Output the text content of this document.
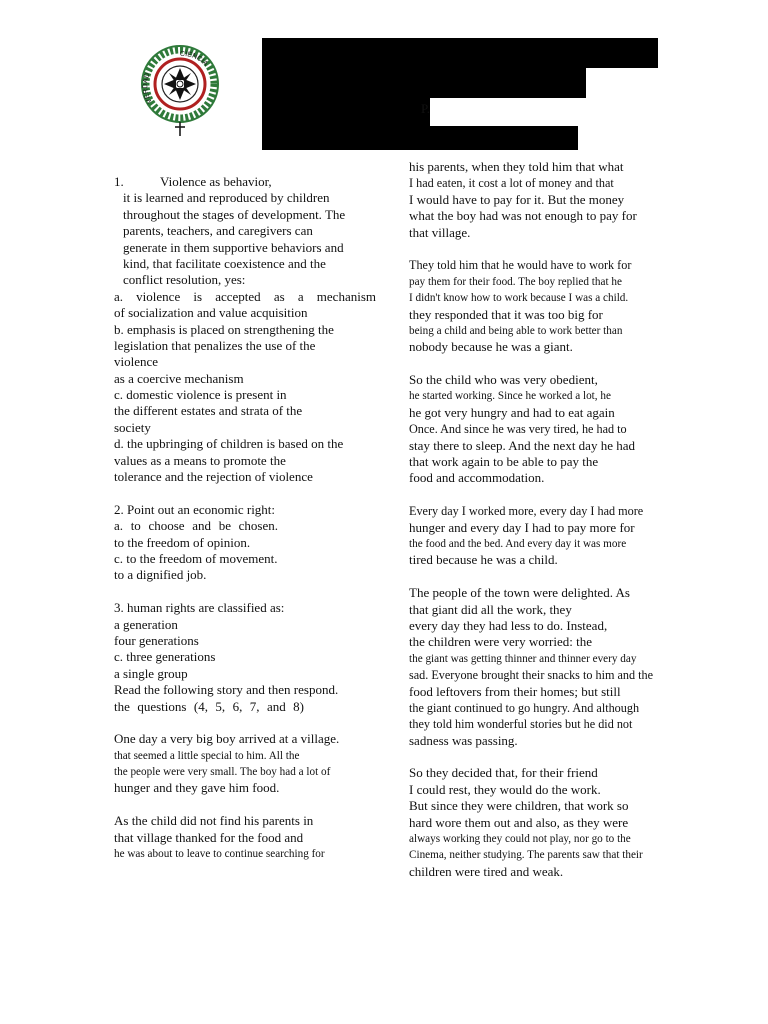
VERDAD
CIENCIA
P.
1.	Violence as behavior,
it is learned and reproduced by children
throughout the stages of development. The
parents, teachers, and caregivers can
generate in them supportive behaviors and
kind, that facilitate coexistence and the
conflict resolution, yes:
a. violence is accepted as a mechanism
of socialization and value acquisition
b. emphasis is placed on strengthening the
legislation that penalizes the use of the
violence
as a coercive mechanism
c. domestic violence is present in
the different estates and strata of the
society
d. the upbringing of children is based on the
values as a means to promote the
tolerance and the rejection of violence
2. Point out an economic right:
a. to choose and be chosen.
to the freedom of opinion.
c. to the freedom of movement.
to a dignified job.
3. human rights are classified as:
a generation
four generations
c. three generations
a single group
Read the following story and then respond.
the questions (4, 5, 6, 7, and 8)
One day a very big boy arrived at a village.
that seemed a little special to him. All the
the people were very small. The boy had a lot of
hunger and they gave him food.
As the child did not find his parents in
that village thanked for the food and
he was about to leave to continue searching for
his parents, when they told him that what
I had eaten, it cost a lot of money and that
I would have to pay for it. But the money
what the boy had was not enough to pay for
that village.
They told him that he would have to work for
pay them for their food. The boy replied that he
I didn't know how to work because I was a child.
they responded that it was too big for
being a child and being able to work better than
nobody because he was a giant.
So the child who was very obedient,
he started working. Since he worked a lot, he
he got very hungry and had to eat again
Once. And since he was very tired, he had to
stay there to sleep. And the next day he had
that work again to be able to pay the
food and accommodation.
Every day I worked more, every day I had more
hunger and every day I had to pay more for
the food and the bed. And every day it was more
tired because he was a child.
The people of the town were delighted. As
that giant did all the work, they
every day they had less to do. Instead,
the children were very worried: the
the giant was getting thinner and thinner every day
sad. Everyone brought their snacks to him and the
food leftovers from their homes; but still
the giant continued to go hungry. And although
they told him wonderful stories but he did not
sadness was passing.
So they decided that, for their friend
I could rest, they would do the work.
But since they were children, that work so
hard wore them out and also, as they were
always working they could not play, nor go to the
Cinema, neither studying. The parents saw that their
children were tired and weak.
